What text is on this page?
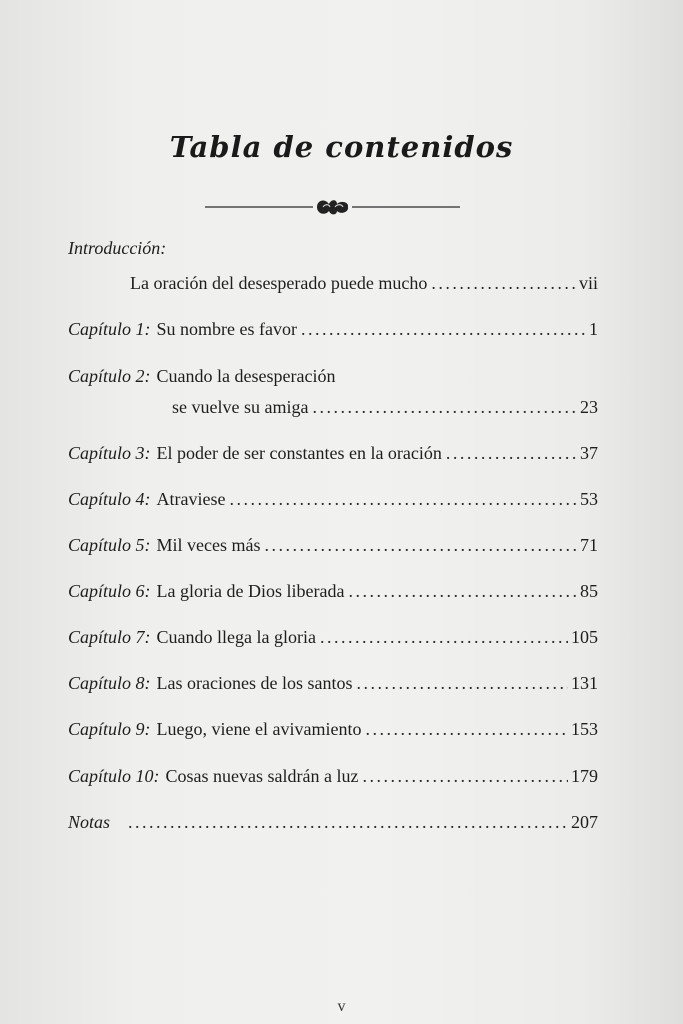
Tabla de contenidos
Introducción:
La oración del desesperado puede mucho . . .	vii
Capítulo 1: Su nombre es favor . . .	1
Capítulo 2: Cuando la desesperación
se vuelve su amiga . . .	23
Capítulo 3: El poder de ser constantes en la oración . . .	37
Capítulo 4: Atraviese . . .	53
Capítulo 5: Mil veces más . . .	71
Capítulo 6: La gloria de Dios liberada . . .	85
Capítulo 7: Cuando llega la gloria . . .	105
Capítulo 8: Las oraciones de los santos . . .	131
Capítulo 9: Luego, viene el avivamiento . . .	153
Capítulo 10: Cosas nuevas saldrán a luz . . .	179
Notas . . .	207
v
